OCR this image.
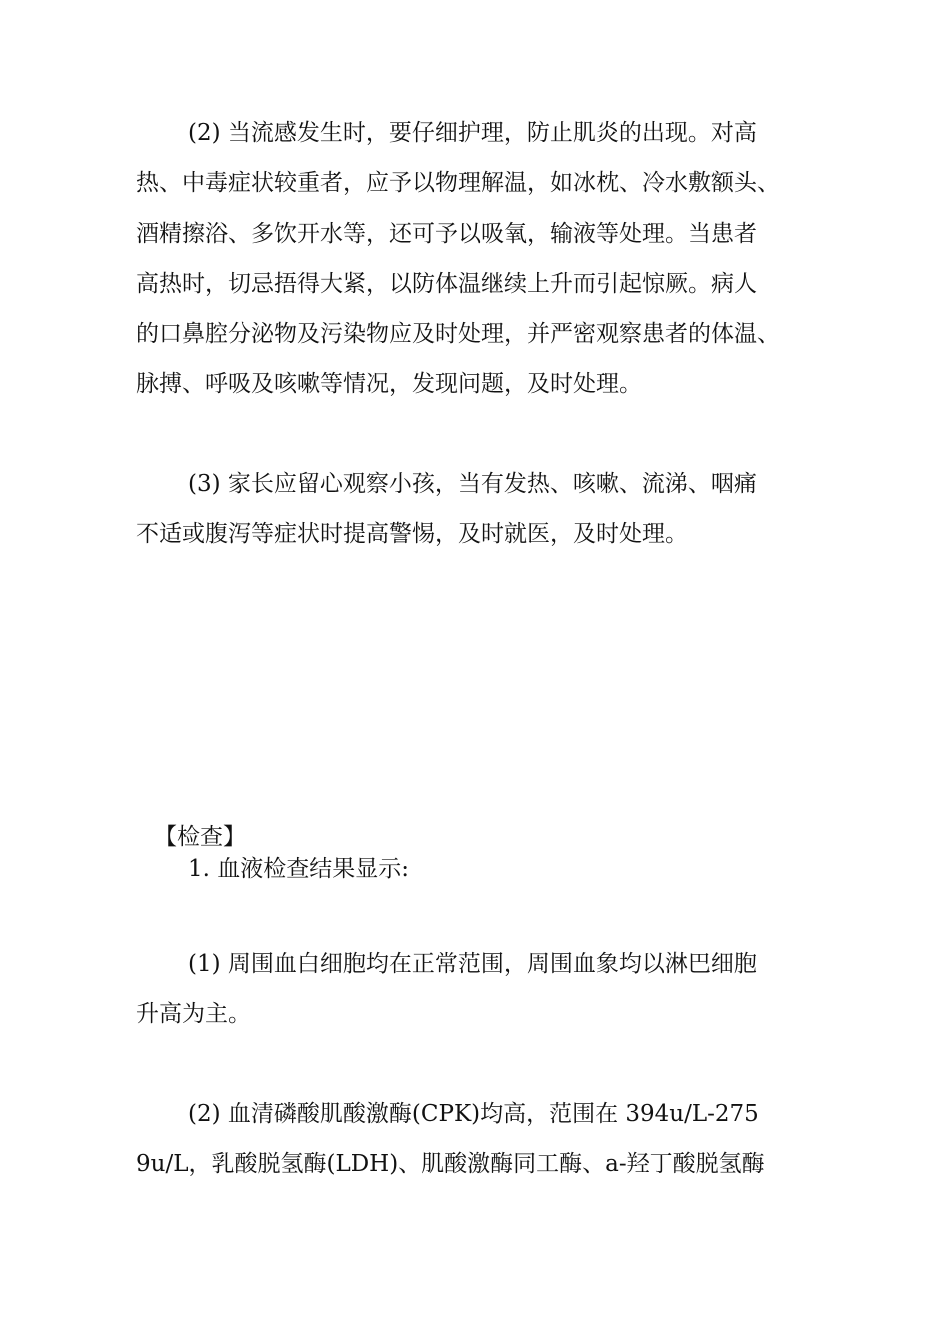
(2) 当流感发生时，要仔细护理，防止肌炎的出现。对高
热、中毒症状较重者，应予以物理解温，如冰枕、冷水敷额头、
酒精擦浴、多饮开水等，还可予以吸氧，输液等处理。当患者
高热时，切忌捂得大紧，以防体温继续上升而引起惊厥。病人
的口鼻腔分泌物及污染物应及时处理，并严密观察患者的体温、
脉搏、呼吸及咳嗽等情况，发现问题，及时处理。
(3) 家长应留心观察小孩，当有发热、咳嗽、流涕、咽痛
不适或腹泻等症状时提高警惕，及时就医，及时处理。
【检查】
1. 血液检查结果显示:
(1) 周围血白细胞均在正常范围，周围血象均以淋巴细胞
升高为主。
(2) 血清磷酸肌酸激酶(CPK)均高，范围在 394u/L-275
9u/L，乳酸脱氢酶(LDH)、肌酸激酶同工酶、a-羟丁酸脱氢酶
